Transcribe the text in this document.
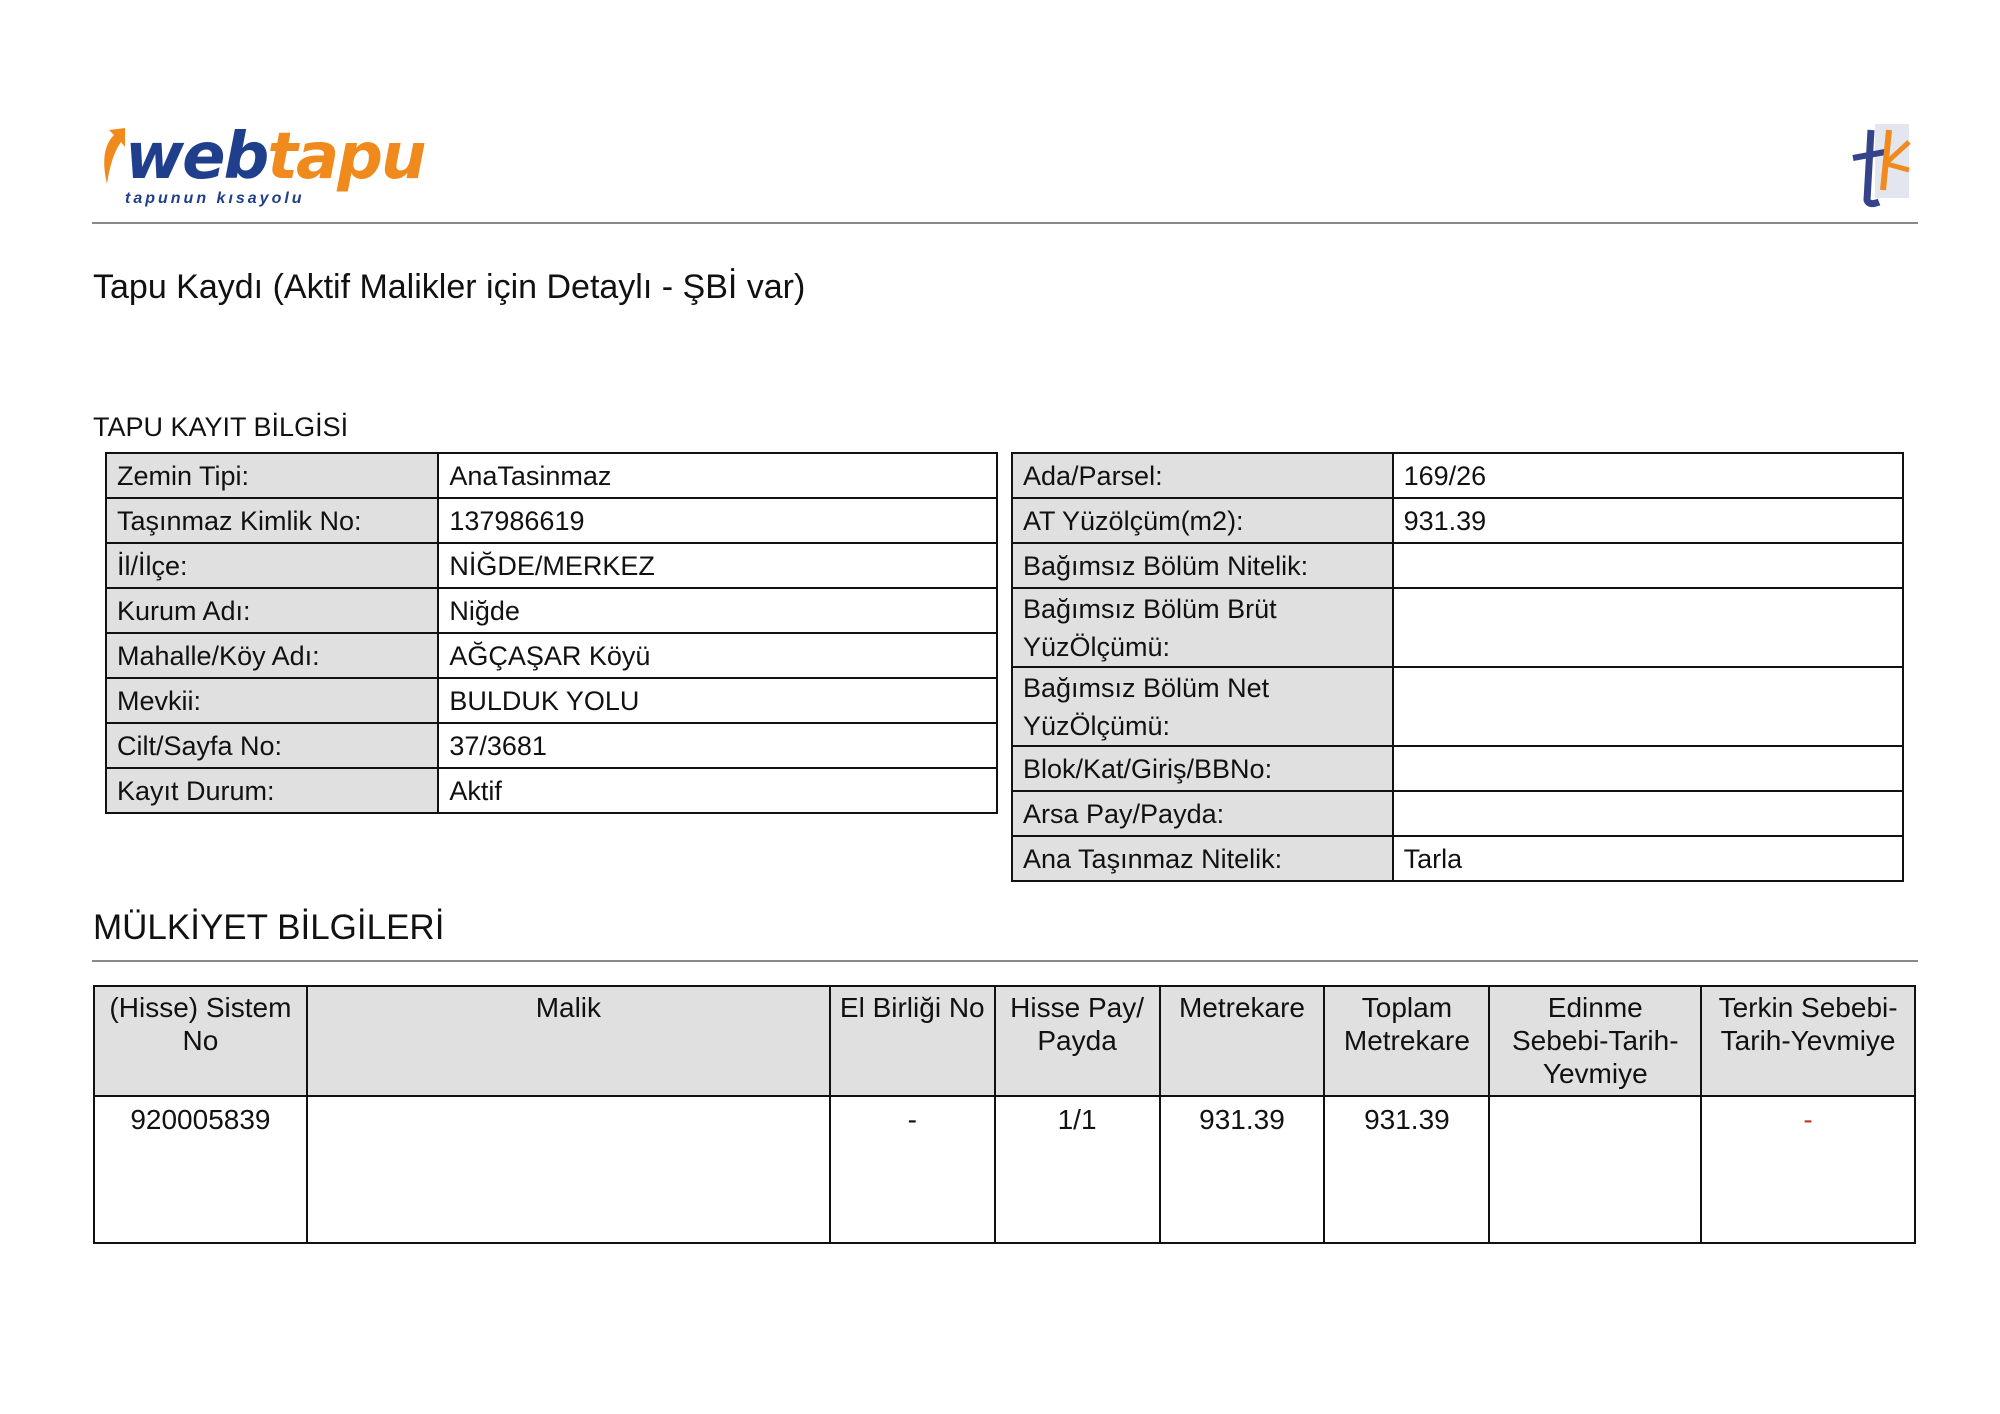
webtapu
tapunun kısayolu
Tapu Kaydı (Aktif Malikler için Detaylı - ŞBİ var)
TAPU KAYIT BİLGİSİ
Zemin Tipi:	AnaTasinmaz
Taşınmaz Kimlik No:	137986619
İl/İlçe:	NİĞDE/MERKEZ
Kurum Adı:	Niğde
Mahalle/Köy Adı:	AĞÇAŞAR Köyü
Mevkii:	BULDUK YOLU
Cilt/Sayfa No:	37/3681
Kayıt Durum:	Aktif
Ada/Parsel:	169/26
AT Yüzölçüm(m2):	931.39
Bağımsız Bölüm Nitelik:	
Bağımsız Bölüm Brüt YüzÖlçümü:	
Bağımsız Bölüm Net YüzÖlçümü:	
Blok/Kat/Giriş/BBNo:	
Arsa Pay/Payda:	
Ana Taşınmaz Nitelik:	Tarla
MÜLKİYET BİLGİLERİ
(Hisse) Sistem No	Malik	El Birliği No	Hisse Pay/ Payda	Metrekare	Toplam Metrekare	Edinme Sebebi-Tarih-Yevmiye	Terkin Sebebi-Tarih-Yevmiye
920005839		-	1/1	931.39	931.39		-
